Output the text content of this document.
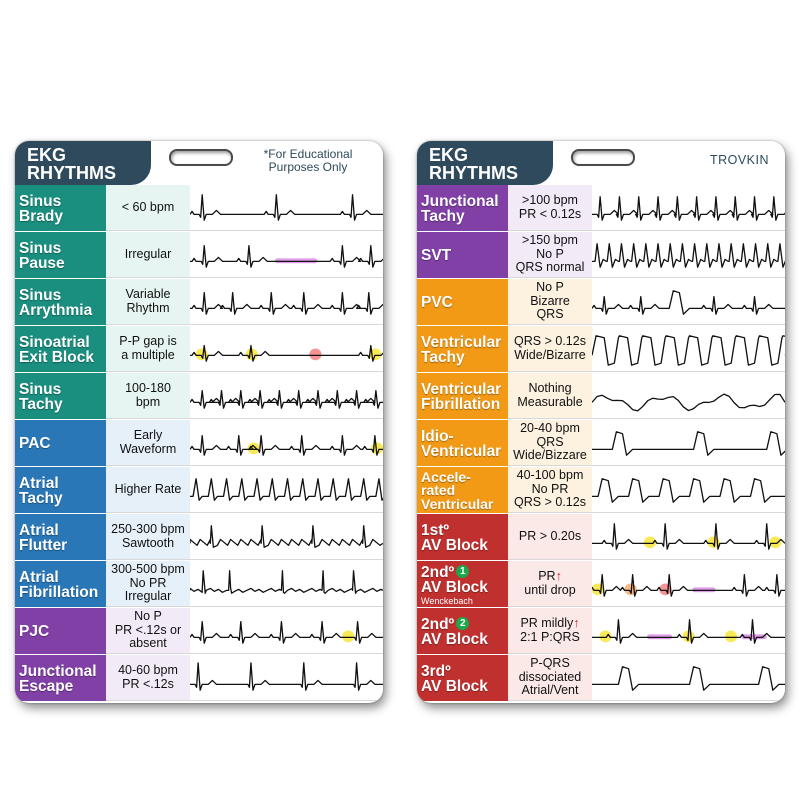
EKG
RHYTHMS
*For Educational
Purposes Only
Sinus
Brady
< 60 bpm
Sinus
Pause
Irregular
Sinus
Arrythmia
Variable
Rhythm
Sinoatrial
Exit Block
P-P gap is
a multiple
Sinus
Tachy
100-180
bpm
PAC
Early
Waveform
Atrial
Tachy
Higher Rate
Atrial
Flutter
250-300 bpm
Sawtooth
Atrial
Fibrillation
300-500 bpm
No PR
Irregular
PJC
No P
PR <.12s or
absent
Junctional
Escape
40-60 bpm
PR <.12s
EKG
RHYTHMS
TROVKIN
Junctional
Tachy
>100 bpm
PR < 0.12s
SVT
>150 bpm
No P
QRS normal
PVC
No P
Bizarre
QRS
Ventricular
Tachy
QRS > 0.12s
Wide/Bizarre
Ventricular
Fibrillation
Nothing
Measurable
Idio-
Ventricular
20-40 bpm
QRS
Wide/Bizzare
Accele-
rated
Ventricular
40-100 bpm
No PR
QRS > 0.12s
1stº
AV Block
PR > 0.20s
2ndº 1
AV Block
Wenckebach
PR↑
until drop
2ndº 2
AV Block
PR mildly↑
2:1 P:QRS
3rdº
AV Block
P-QRS
dissociated
Atrial/Vent
